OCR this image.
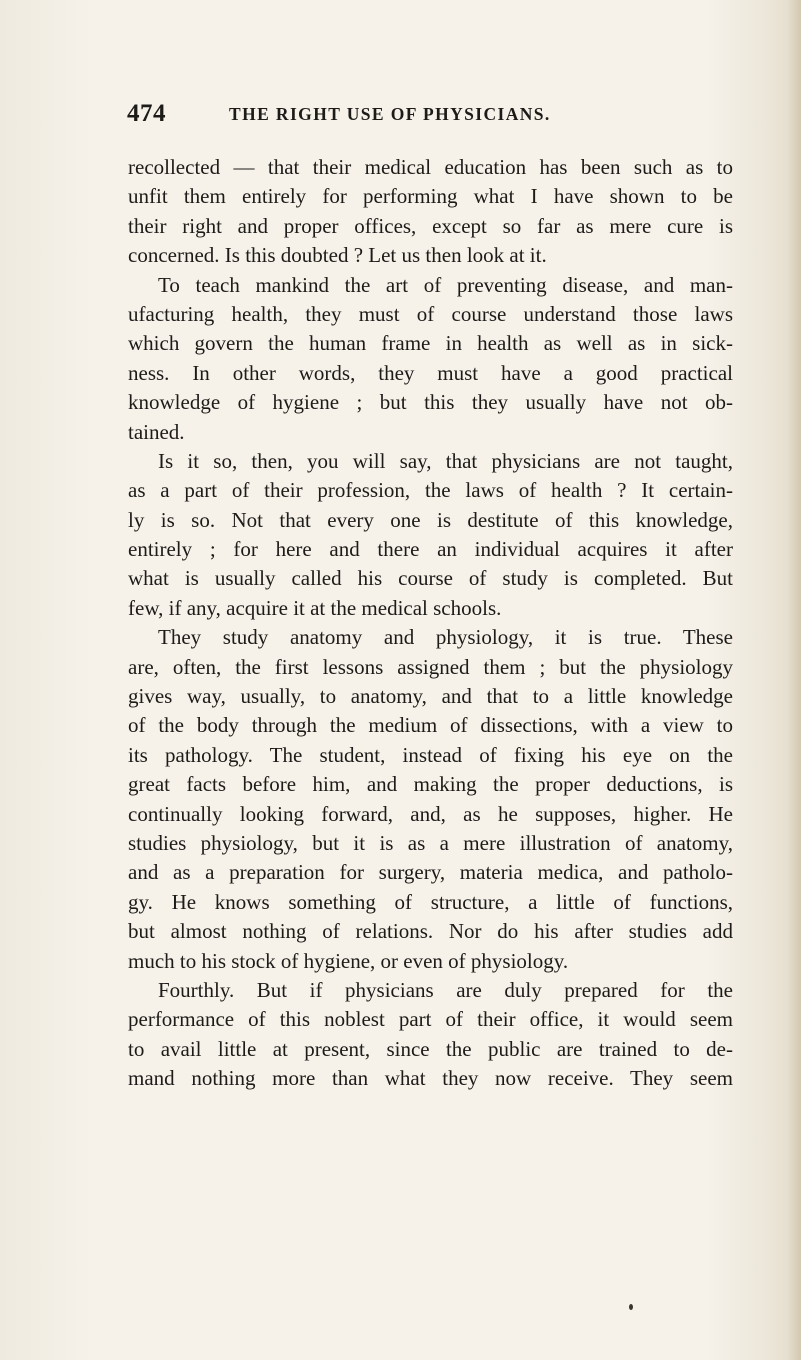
474	THE RIGHT USE OF PHYSICIANS.
recollected — that their medical education has been such as to
unfit them entirely for performing what I have shown to be
their right and proper offices, except so far as mere cure is
concerned. Is this doubted ? Let us then look at it.
To teach mankind the art of preventing disease, and man-
ufacturing health, they must of course understand those laws
which govern the human frame in health as well as in sick-
ness. In other words, they must have a good practical
knowledge of hygiene ; but this they usually have not ob-
tained.
Is it so, then, you will say, that physicians are not taught,
as a part of their profession, the laws of health ? It certain-
ly is so. Not that every one is destitute of this knowledge,
entirely ; for here and there an individual acquires it after
what is usually called his course of study is completed. But
few, if any, acquire it at the medical schools.
They study anatomy and physiology, it is true. These
are, often, the first lessons assigned them ; but the physiology
gives way, usually, to anatomy, and that to a little knowledge
of the body through the medium of dissections, with a view to
its pathology. The student, instead of fixing his eye on the
great facts before him, and making the proper deductions, is
continually looking forward, and, as he supposes, higher. He
studies physiology, but it is as a mere illustration of anatomy,
and as a preparation for surgery, materia medica, and patholo-
gy. He knows something of structure, a little of functions,
but almost nothing of relations. Nor do his after studies add
much to his stock of hygiene, or even of physiology.
Fourthly. But if physicians are duly prepared for the
performance of this noblest part of their office, it would seem
to avail little at present, since the public are trained to de-
mand nothing more than what they now receive. They seem
